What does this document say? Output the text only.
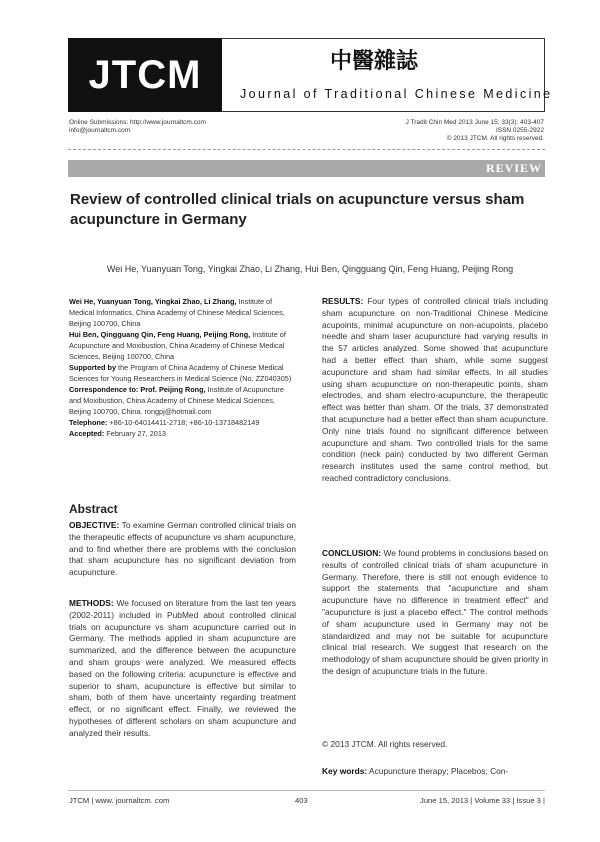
JTCM	中醫雜誌
Journal of Traditional Chinese Medicine
Online Submissions: http://www.journaltcm.com
info@journaltcm.com
J Tradit Chin Med 2013 June 15; 33(3): 403-407
ISSN 0255-2922
© 2013 JTCM. All rights reserved.
REVIEW
Review of controlled clinical trials on acupuncture versus sham acupuncture in Germany
Wei He, Yuanyuan Tong, Yingkai Zhao, Li Zhang, Hui Ben, Qingguang Qin, Feng Huang, Peijing Rong
Wei He, Yuanyuan Tong, Yingkai Zhao, Li Zhang, Institute of Medical Informatics, China Academy of Chinese Medical Sciences, Beijing 100700, China
Hui Ben, Qingguang Qin, Feng Huang, Peijing Rong, Institute of Acupuncture and Moxibustion, China Academy of Chinese Medical Sciences, Beijing 100700, China
Supported by the Program of China Academy of Chinese Medical Sciences for Young Researchers in Medical Science (No. ZZ040305)
Correspondence to: Prof. Peijing Rong, Institute of Acupuncture and Moxibustion, China Academy of Chinese Medical Sciences, Beijing 100700, China. rongpj@hotmail.com
Telephone: +86-10-64014411-2718; +86-10-13718482149
Accepted: February 27, 2013
Abstract
OBJECTIVE: To examine German controlled clinical trials on the therapeutic effects of acupuncture vs sham acupuncture, and to find whether there are problems with the conclusion that sham acupuncture has no significant deviation from acupuncture.
METHODS: We focused on literature from the last ten years (2002-2011) included in PubMed about controlled clinical trials on acupuncture vs sham acupuncture carried out in Germany. The methods applied in sham acupuncture are summarized, and the difference between the acupuncture and sham groups were analyzed. We measured effects based on the following criteria: acupuncture is effective and superior to sham, acupuncture is effective but similar to sham, both of them have uncertainty regarding treatment effect, or no significant effect. Finally, we reviewed the hypotheses of different scholars on sham acupuncture and analyzed their results.
RESULTS: Four types of controlled clinical trials including sham acupuncture on non-Traditional Chinese Medicine acupoints, minimal acupuncture on non-acupoints, placebo needle and sham laser acupuncture had varying results in the 57 articles analyzed. Some showed that acupuncture had a better effect than sham, while some suggest acupuncture and sham had similar effects. In all studies using sham acupuncture on non-therapeutic points, sham electrodes, and sham electro-acupuncture, the therapeutic effect was better than sham. Of the trials, 37 demonstrated that acupuncture had a better effect than sham acupuncture. Only nine trials found no significant difference between acupuncture and sham. Two controlled trials for the same condition (neck pain) conducted by two different German research institutes used the same control method, but reached contradictory conclusions.
CONCLUSION: We found problems in conclusions based on results of controlled clinical trials of sham acupuncture in Germany. Therefore, there is still not enough evidence to support the statements that "acupuncture and sham acupuncture have no difference in treatment effect" and "acupuncture is just a placebo effect." The control methods of sham acupuncture used in Germany may not be standardized and may not be suitable for acupuncture clinical trial research. We suggest that research on the methodology of sham acupuncture should be given priority in the design of acupuncture trials in the future.
© 2013 JTCM. All rights reserved.
Key words: Acupuncture therapy; Placebos; Con-
JTCM | www. journaltcm. com	403	June 15, 2013 | Volume 33 | Issue 3 |
